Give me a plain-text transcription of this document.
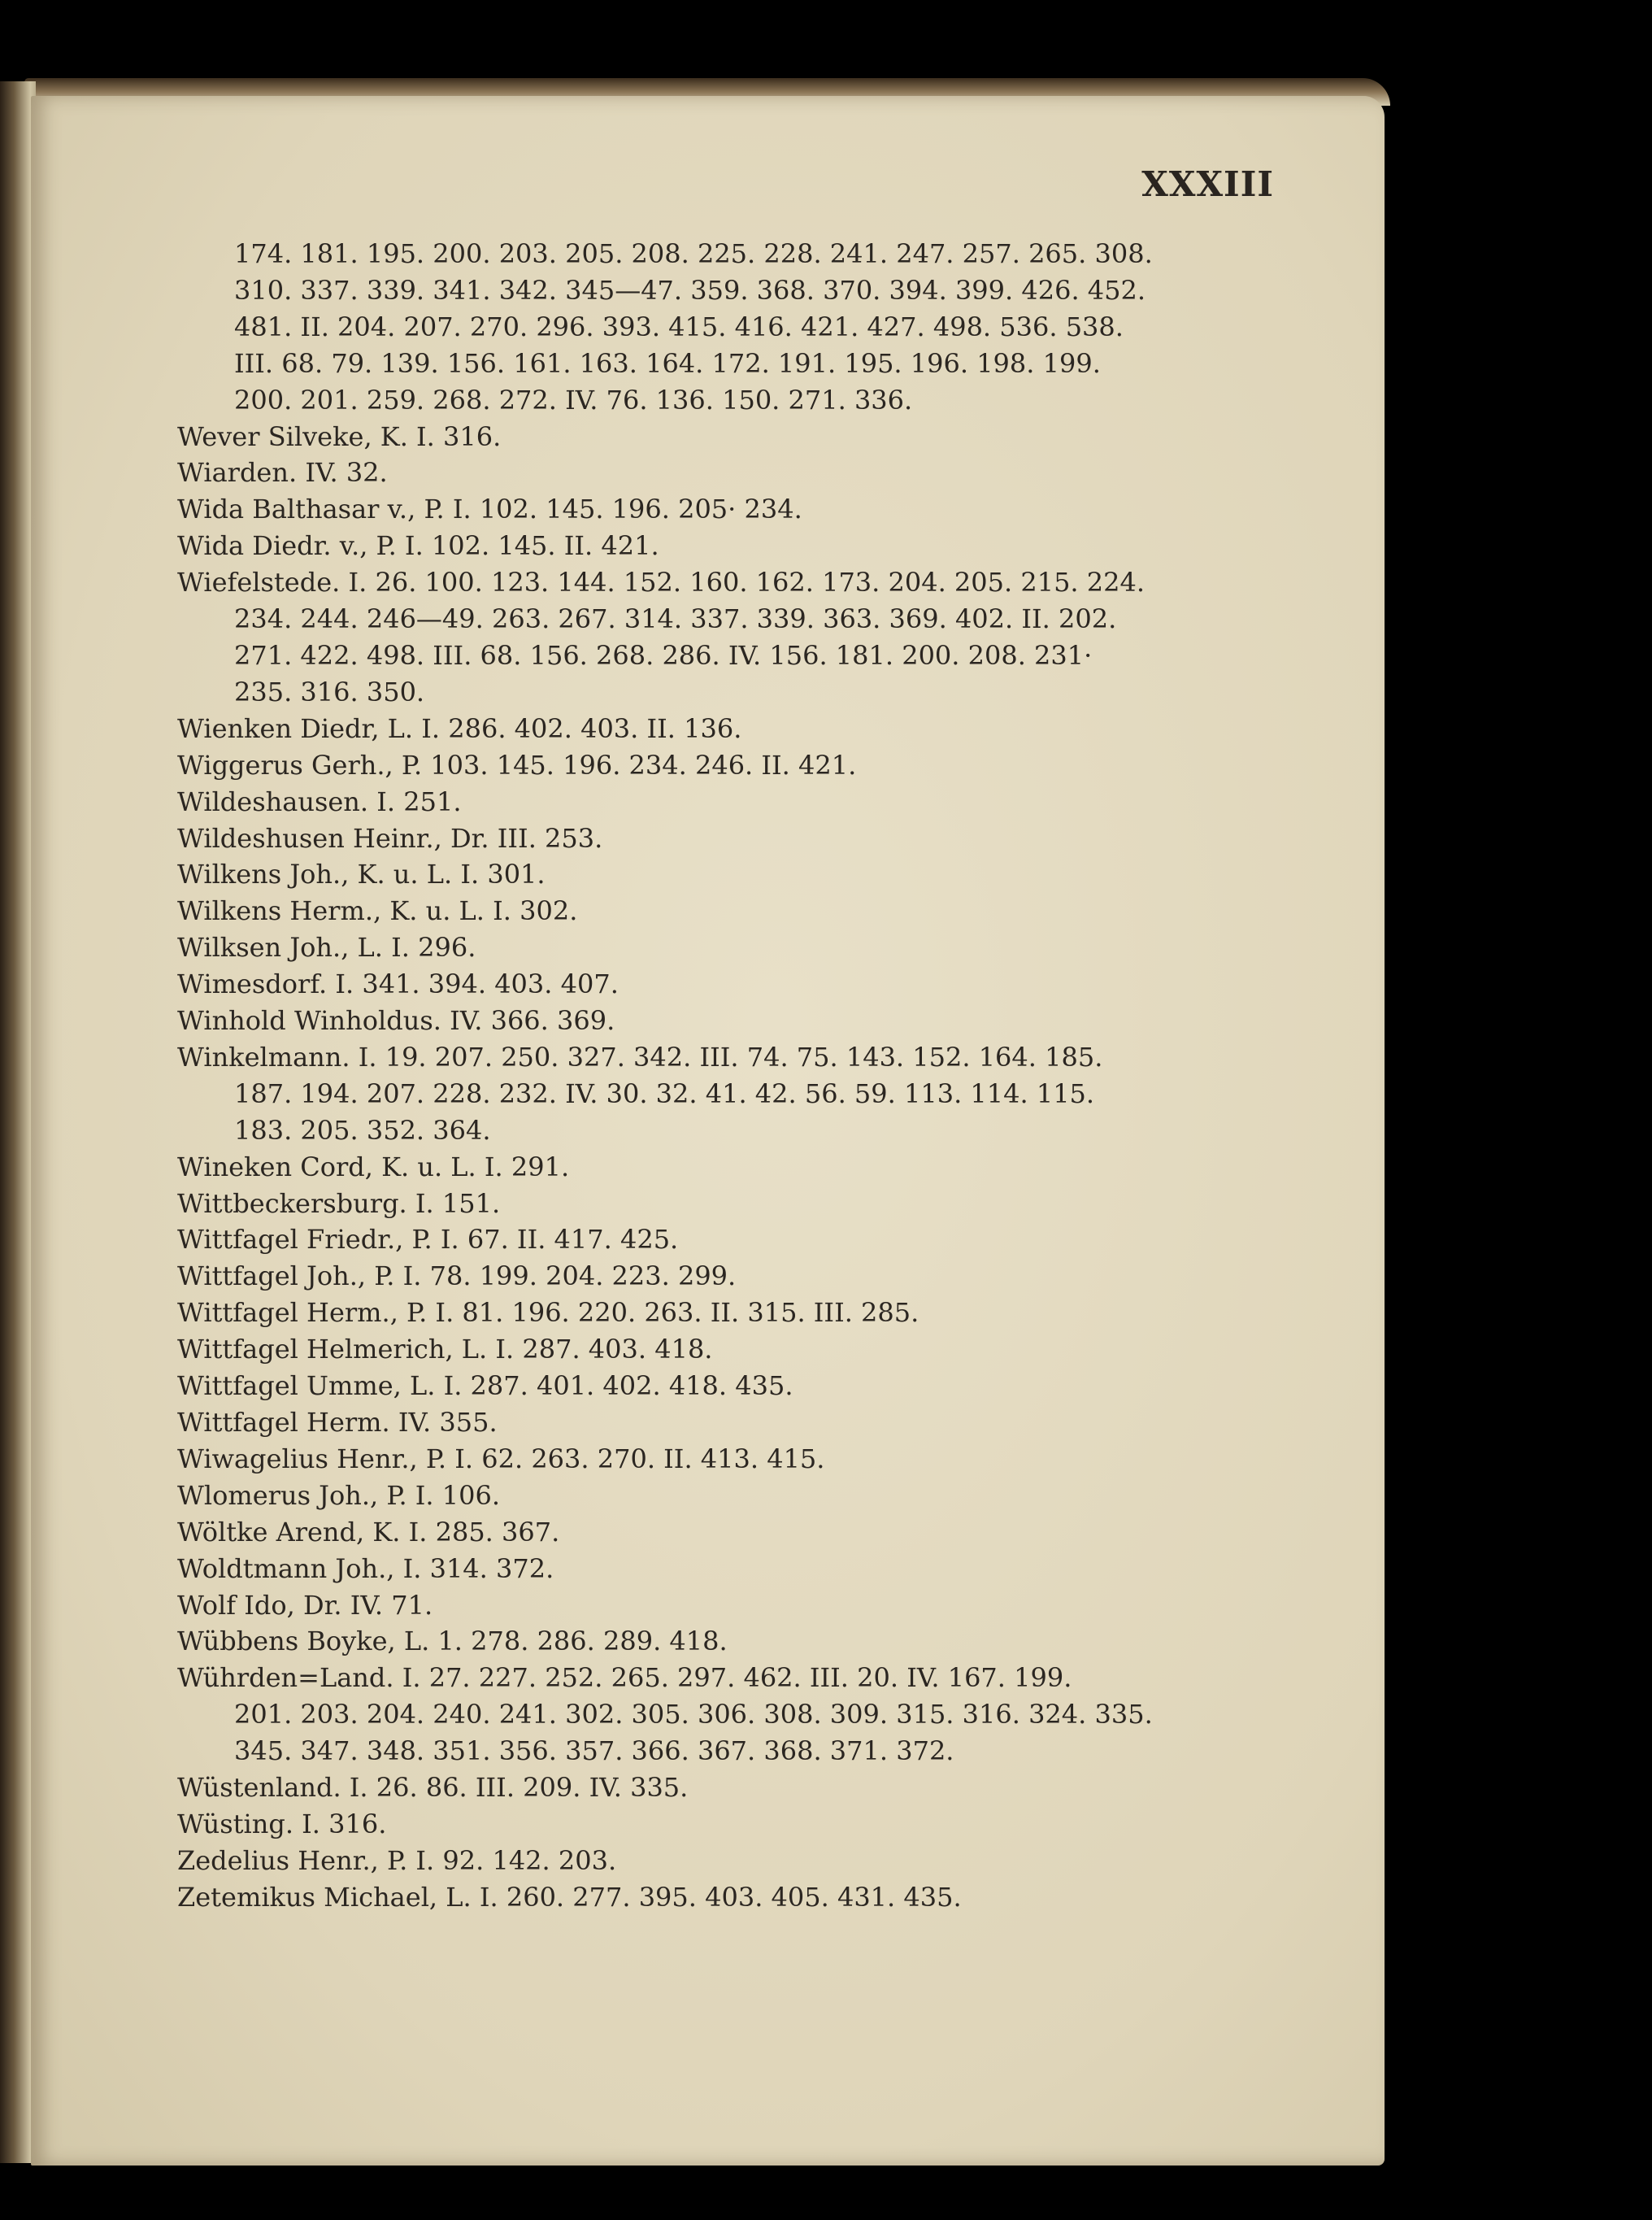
XXXIII
174. 181. 195. 200. 203. 205. 208. 225. 228. 241. 247. 257. 265. 308.
310. 337. 339. 341. 342. 345—47. 359. 368. 370. 394. 399. 426. 452.
481. II. 204. 207. 270. 296. 393. 415. 416. 421. 427. 498. 536. 538.
III. 68. 79. 139. 156. 161. 163. 164. 172. 191. 195. 196. 198. 199.
200. 201. 259. 268. 272. IV. 76. 136. 150. 271. 336.
Wever Silveke, K. I. 316.
Wiarden. IV. 32.
Wida Balthasar v., P. I. 102. 145. 196. 205· 234.
Wida Diedr. v., P. I. 102. 145. II. 421.
Wiefelstede. I. 26. 100. 123. 144. 152. 160. 162. 173. 204. 205. 215. 224.
234. 244. 246—49. 263. 267. 314. 337. 339. 363. 369. 402. II. 202.
271. 422. 498. III. 68. 156. 268. 286. IV. 156. 181. 200. 208. 231·
235. 316. 350.
Wienken Diedr, L. I. 286. 402. 403. II. 136.
Wiggerus Gerh., P. 103. 145. 196. 234. 246. II. 421.
Wildeshausen. I. 251.
Wildeshusen Heinr., Dr. III. 253.
Wilkens Joh., K. u. L. I. 301.
Wilkens Herm., K. u. L. I. 302.
Wilksen Joh., L. I. 296.
Wimesdorf. I. 341. 394. 403. 407.
Winhold Winholdus. IV. 366. 369.
Winkelmann. I. 19. 207. 250. 327. 342. III. 74. 75. 143. 152. 164. 185.
187. 194. 207. 228. 232. IV. 30. 32. 41. 42. 56. 59. 113. 114. 115.
183. 205. 352. 364.
Wineken Cord, K. u. L. I. 291.
Wittbeckersburg. I. 151.
Wittfagel Friedr., P. I. 67. II. 417. 425.
Wittfagel Joh., P. I. 78. 199. 204. 223. 299.
Wittfagel Herm., P. I. 81. 196. 220. 263. II. 315. III. 285.
Wittfagel Helmerich, L. I. 287. 403. 418.
Wittfagel Umme, L. I. 287. 401. 402. 418. 435.
Wittfagel Herm. IV. 355.
Wiwagelius Henr., P. I. 62. 263. 270. II. 413. 415.
Wlomerus Joh., P. I. 106.
Wöltke Arend, K. I. 285. 367.
Woldtmann Joh., I. 314. 372.
Wolf Ido, Dr. IV. 71.
Wübbens Boyke, L. 1. 278. 286. 289. 418.
Wührden=Land. I. 27. 227. 252. 265. 297. 462. III. 20. IV. 167. 199.
201. 203. 204. 240. 241. 302. 305. 306. 308. 309. 315. 316. 324. 335.
345. 347. 348. 351. 356. 357. 366. 367. 368. 371. 372.
Wüstenland. I. 26. 86. III. 209. IV. 335.
Wüsting. I. 316.
Zedelius Henr., P. I. 92. 142. 203.
Zetemikus Michael, L. I. 260. 277. 395. 403. 405. 431. 435.
